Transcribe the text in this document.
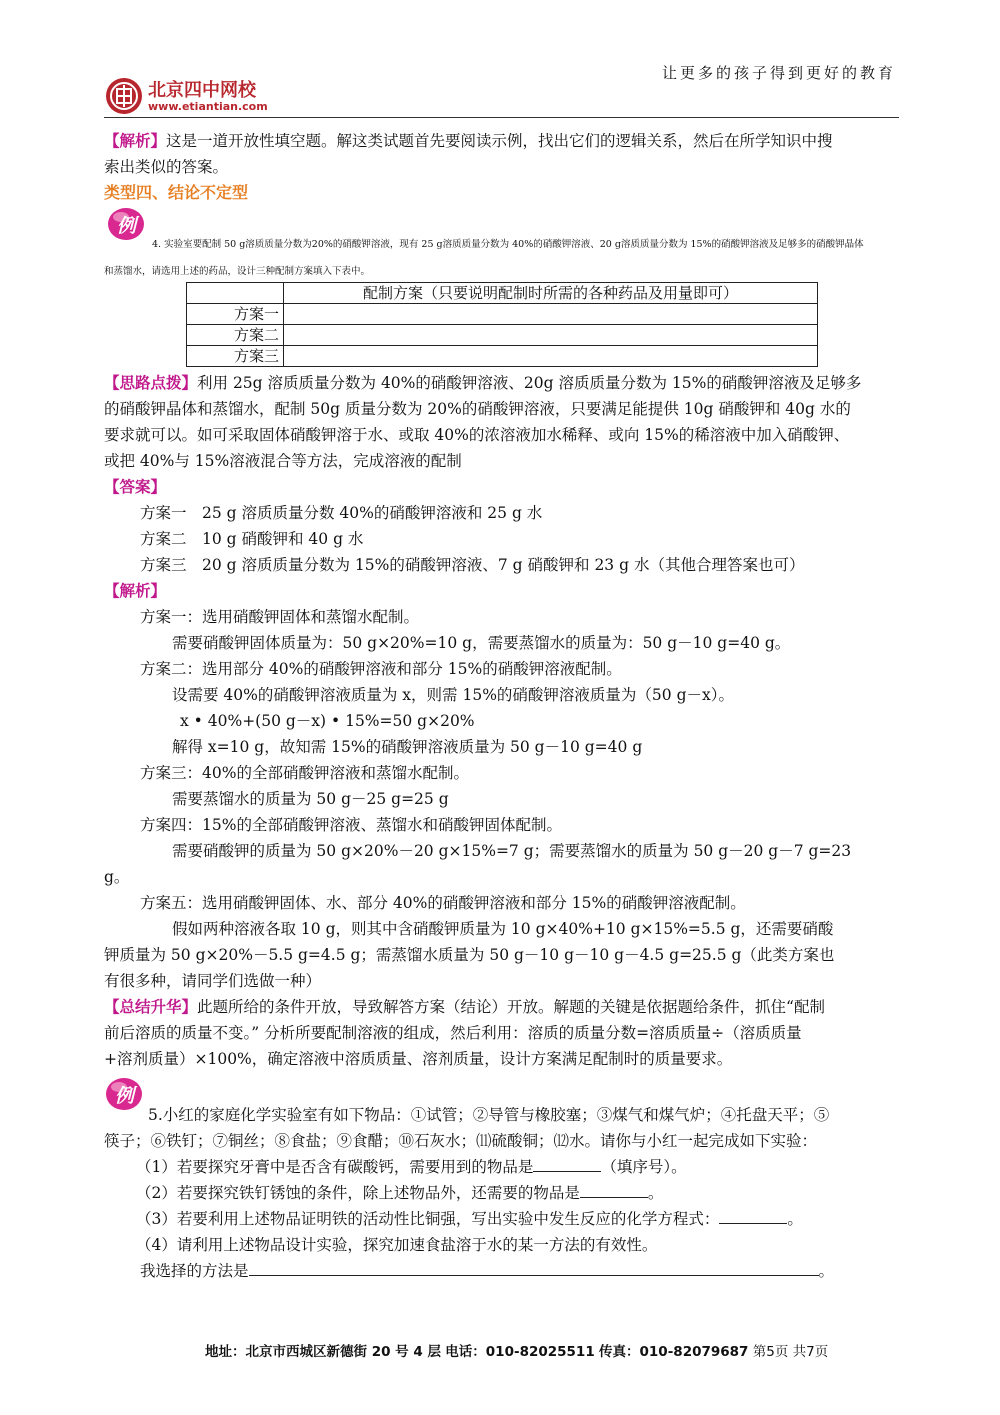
让更多的孩子得到更好的教育
北京四中网校
www.etiantian.com
【解析】这是一道开放性填空题。解这类试题首先要阅读示例，找出它们的逻辑关系，然后在所学知识中搜
索出类似的答案。
类型四、结论不定型
例
4. 实验室要配制 50 g溶质质量分数为20%的硝酸钾溶液，现有 25 g溶质质量分数为 40%的硝酸钾溶液、20 g溶质质量分数为 15%的硝酸钾溶液及足够多的硝酸钾晶体
和蒸馏水，请选用上述的药品，设计三种配制方案填入下表中。
	配制方案（只要说明配制时所需的各种药品及用量即可）
方案一	
方案二	
方案三	
【思路点拨】利用 25g 溶质质量分数为 40%的硝酸钾溶液、20g 溶质质量分数为 15%的硝酸钾溶液及足够多
的硝酸钾晶体和蒸馏水，配制 50g 质量分数为 20%的硝酸钾溶液，只要满足能提供 10g 硝酸钾和 40g 水的
要求就可以。如可采取固体硝酸钾溶于水、或取 40%的浓溶液加水稀释、或向 15%的稀溶液中加入硝酸钾、
或把 40%与 15%溶液混合等方法，完成溶液的配制
【答案】
方案一　25 g 溶质质量分数 40%的硝酸钾溶液和 25 g 水
方案二　10 g 硝酸钾和 40 g 水
方案三　20 g 溶质质量分数为 15%的硝酸钾溶液、7 g 硝酸钾和 23 g 水（其他合理答案也可）
【解析】
方案一：选用硝酸钾固体和蒸馏水配制。
需要硝酸钾固体质量为：50 g×20%=10 g，需要蒸馏水的质量为：50 g－10 g=40 g。
方案二：选用部分 40%的硝酸钾溶液和部分 15%的硝酸钾溶液配制。
设需要 40%的硝酸钾溶液质量为 x，则需 15%的硝酸钾溶液质量为（50 g－x）。
x • 40%+(50 g－x) • 15%=50 g×20%
解得 x=10 g，故知需 15%的硝酸钾溶液质量为 50 g－10 g=40 g
方案三：40%的全部硝酸钾溶液和蒸馏水配制。
需要蒸馏水的质量为 50 g－25 g=25 g
方案四：15%的全部硝酸钾溶液、蒸馏水和硝酸钾固体配制。
需要硝酸钾的质量为 50 g×20%－20 g×15%=7 g；需要蒸馏水的质量为 50 g－20 g－7 g=23
g。
方案五：选用硝酸钾固体、水、部分 40%的硝酸钾溶液和部分 15%的硝酸钾溶液配制。
假如两种溶液各取 10 g，则其中含硝酸钾质量为 10 g×40%+10 g×15%=5.5 g，还需要硝酸
钾质量为 50 g×20%－5.5 g=4.5 g；需蒸馏水质量为 50 g－10 g－10 g－4.5 g=25.5 g（此类方案也
有很多种，请同学们选做一种）
【总结升华】此题所给的条件开放，导致解答方案（结论）开放。解题的关键是依据题给条件，抓住“配制
前后溶质的质量不变。” 分析所要配制溶液的组成，然后利用：溶质的质量分数=溶质质量÷（溶质质量
+溶剂质量）×100%，确定溶液中溶质质量、溶剂质量，设计方案满足配制时的质量要求。
例
5.小红的家庭化学实验室有如下物品：①试管；②导管与橡胶塞；③煤气和煤气炉；④托盘天平；⑤
筷子；⑥铁钉；⑦铜丝；⑧食盐；⑨食醋；⑩石灰水；⑾硫酸铜；⑿水。请你与小红一起完成如下实验：
（1）若要探究牙膏中是否含有碳酸钙，需要用到的物品是	（填序号）。
（2）若要探究铁钉锈蚀的条件，除上述物品外，还需要的物品是	。
（3）若要利用上述物品证明铁的活动性比铜强，写出实验中发生反应的化学方程式：	。
（4）请利用上述物品设计实验，探究加速食盐溶于水的某一方法的有效性。
我选择的方法是	。
地址：北京市西城区新德街 20 号 4 层 电话：010-82025511 传真：010-82079687 第5页 共7页
